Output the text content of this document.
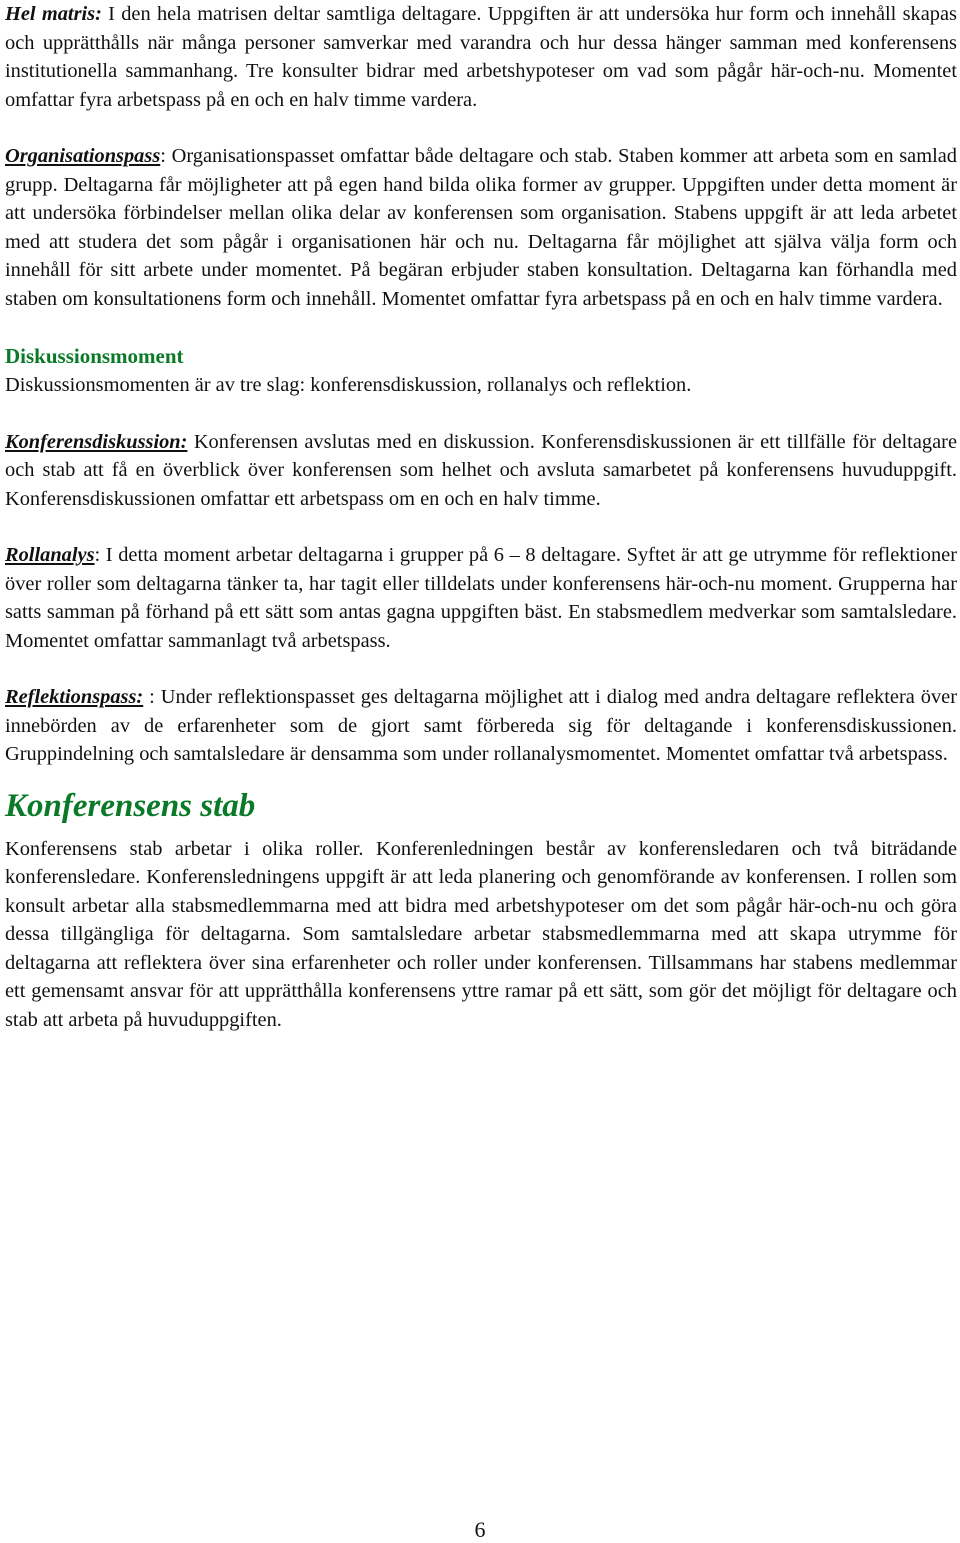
Hel matris: I den hela matrisen deltar samtliga deltagare. Uppgiften är att undersöka hur form och innehåll skapas och upprätthålls när många personer samverkar med varandra och hur dessa hänger samman med konferensens institutionella sammanhang. Tre konsulter bidrar med arbetshypoteser om vad som pågår här-och-nu. Momentet omfattar fyra arbetspass på en och en halv timme vardera.

Organisationspass: Organisationspasset omfattar både deltagare och stab. Staben kommer att arbeta som en samlad grupp. Deltagarna får möjligheter att på egen hand bilda olika former av grupper. Uppgiften under detta moment är att undersöka förbindelser mellan olika delar av konferensen som organisation. Stabens uppgift är att leda arbetet med att studera det som pågår i organisationen här och nu. Deltagarna får möjlighet att själva välja form och innehåll för sitt arbete under momentet. På begäran erbjuder staben konsultation. Deltagarna kan förhandla med staben om konsultationens form och innehåll. Momentet omfattar fyra arbetspass på en och en halv timme vardera.

Diskussionsmoment

Diskussionsmomenten är av tre slag: konferensdiskussion, rollanalys och reflektion.

Konferensdiskussion: Konferensen avslutas med en diskussion. Konferensdiskussionen är ett tillfälle för deltagare och stab att få en överblick över konferensen som helhet och avsluta samarbetet på konferensens huvuduppgift. Konferensdiskussionen omfattar ett arbetspass om en och en halv timme.

Rollanalys: I detta moment arbetar deltagarna i grupper på 6 – 8 deltagare. Syftet är att ge utrymme för reflektioner över roller som deltagarna tänker ta, har tagit eller tilldelats under konferensens här-och-nu moment. Grupperna har satts samman på förhand på ett sätt som antas gagna uppgiften bäst. En stabsmedlem medverkar som samtalsledare. Momentet omfattar sammanlagt två arbetspass.

Reflektionspass: : Under reflektionspasset ges deltagarna möjlighet att i dialog med andra deltagare reflektera över innebörden av de erfarenheter som de gjort samt förbereda sig för deltagande i konferensdiskussionen. Gruppindelning och samtalsledare är densamma som under rollanalysmomentet. Momentet omfattar två arbetspass.

Konferensens stab

Konferensens stab arbetar i olika roller. Konferenledningen består av konferensledaren och två biträdande konferensledare. Konferensledningens uppgift är att leda planering och genomförande av konferensen. I rollen som konsult arbetar alla stabsmedlemmarna med att bidra med arbetshypoteser om det som pågår här-och-nu och göra dessa tillgängliga för deltagarna. Som samtalsledare arbetar stabsmedlemmarna med att skapa utrymme för deltagarna att reflektera över sina erfarenheter och roller under konferensen. Tillsammans har stabens medlemmar ett gemensamt ansvar för att upprätthålla konferensens yttre ramar på ett sätt, som gör det möjligt för deltagare och stab att arbeta på huvuduppgiften.

6
